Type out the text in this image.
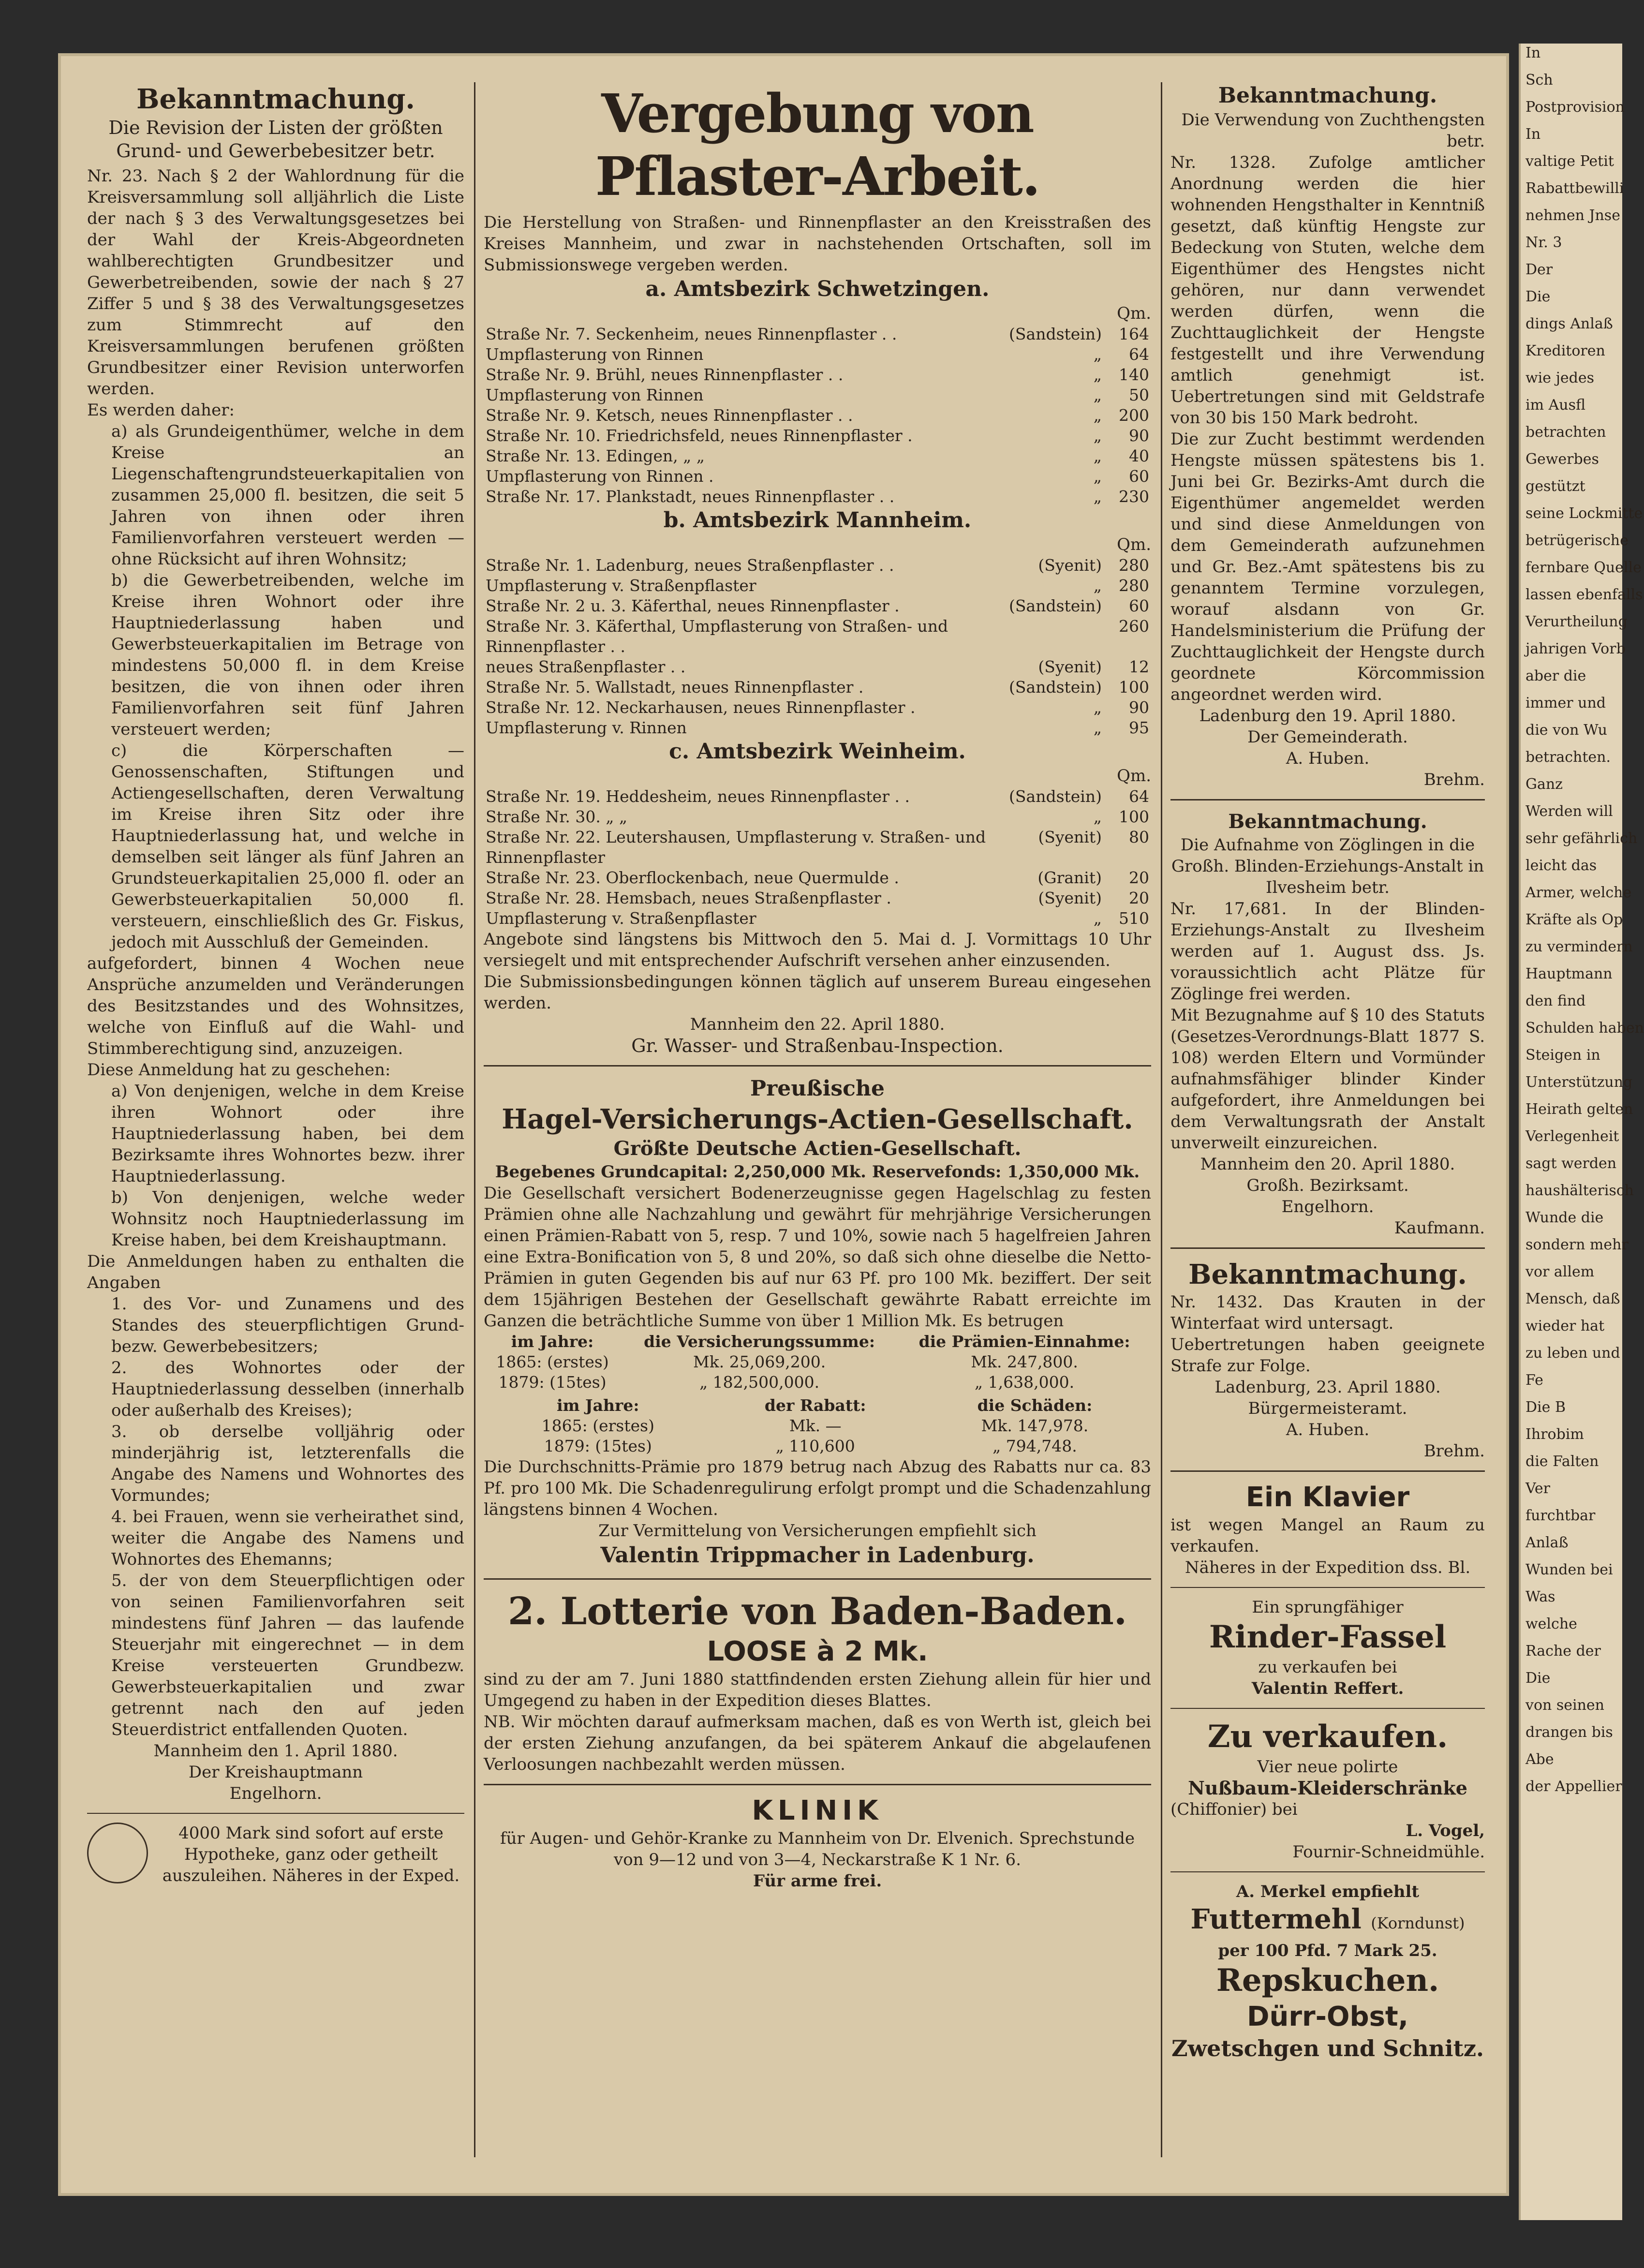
Bekanntmachung.

Die Revision der Listen der größten Grund- und Gewerbebesitzer betr.

Nr. 23. Nach § 2 der Wahlordnung für die Kreisversammlung soll alljährlich die Liste der nach § 3 des Verwaltungsgesetzes bei der Wahl der Kreis-Abgeordneten wahlberechtigten Grundbesitzer und Gewerbetreibenden, sowie der nach § 27 Ziffer 5 und § 38 des Verwaltungsgesetzes zum Stimmrecht auf den Kreisversammlungen berufenen größten Grundbesitzer einer Revision unterworfen werden.

Es werden daher:

a) als Grundeigenthümer, welche in dem Kreise an Liegenschaftengrundsteuerkapitalien von zusammen 25,000 fl. besitzen, die seit 5 Jahren von ihnen oder ihren Familienvorfahren versteuert werden — ohne Rücksicht auf ihren Wohnsitz;

b) die Gewerbetreibenden, welche im Kreise ihren Wohnort oder ihre Hauptniederlassung haben und Gewerbsteuerkapitalien im Betrage von mindestens 50,000 fl. in dem Kreise besitzen, die von ihnen oder ihren Familienvorfahren seit fünf Jahren versteuert werden;

c) die Körperschaften — Genossenschaften, Stiftungen und Actiengesellschaften, deren Verwaltung im Kreise ihren Sitz oder ihre Hauptniederlassung hat, und welche in demselben seit länger als fünf Jahren an Grundsteuerkapitalien 25,000 fl. oder an Gewerbsteuerkapitalien 50,000 fl. versteuern, einschließlich des Gr. Fiskus, jedoch mit Ausschluß der Gemeinden.

aufgefordert, binnen 4 Wochen neue Ansprüche anzumelden und Veränderungen des Besitzstandes und des Wohnsitzes, welche von Einfluß auf die Wahl- und Stimmberechtigung sind, anzuzeigen.

Diese Anmeldung hat zu geschehen:

a) Von denjenigen, welche in dem Kreise ihren Wohnort oder ihre Hauptniederlassung haben, bei dem Bezirksamte ihres Wohnortes bezw. ihrer Hauptniederlassung.

b) Von denjenigen, welche weder Wohnsitz noch Hauptniederlassung im Kreise haben, bei dem Kreishauptmann.

Die Anmeldungen haben zu enthalten die Angaben

1. des Vor- und Zunamens und des Standes des steuerpflichtigen Grund- bezw. Gewerbebesitzers;

2. des Wohnortes oder der Hauptniederlassung desselben (innerhalb oder außerhalb des Kreises);

3. ob derselbe volljährig oder minderjährig ist, letzterenfalls die Angabe des Namens und Wohnortes des Vormundes;

4. bei Frauen, wenn sie verheirathet sind, weiter die Angabe des Namens und Wohnortes des Ehemanns;

5. der von dem Steuerpflichtigen oder von seinen Familienvorfahren seit mindestens fünf Jahren — das laufende Steuerjahr mit eingerechnet — in dem Kreise versteuerten Grundbezw. Gewerbsteuerkapitalien und zwar getrennt nach den auf jeden Steuerdistrict entfallenden Quoten.

Mannheim den 1. April 1880.

Der Kreishauptmann

Engelhorn.

4000 Mark sind sofort auf erste Hypotheke, ganz oder getheilt auszuleihen. Näheres in der Exped.

Vergebung von Pflaster-Arbeit.

Die Herstellung von Straßen- und Rinnenpflaster an den Kreisstraßen des Kreises Mannheim, und zwar in nachstehenden Ortschaften, soll im Submissionswege vergeben werden.

a. Amtsbezirk Schwetzingen.

Qm.

Straße Nr. 7. Seckenheim, neues Rinnenpflaster . .	(Sandstein)	164
Umpflasterung von Rinnen	„	64
Straße Nr. 9. Brühl, neues Rinnenpflaster . .	„	140
Umpflasterung von Rinnen	„	50
Straße Nr. 9. Ketsch, neues Rinnenpflaster . .	„	200
Straße Nr. 10. Friedrichsfeld, neues Rinnenpflaster .	„	90
Straße Nr. 13. Edingen, „ „	„	40
Umpflasterung von Rinnen .	„	60
Straße Nr. 17. Plankstadt, neues Rinnenpflaster . .	„	230
b. Amtsbezirk Mannheim.

Qm.

Straße Nr. 1. Ladenburg, neues Straßenpflaster . .	(Syenit)	280
Umpflasterung v. Straßenpflaster	„	280
Straße Nr. 2 u. 3. Käferthal, neues Rinnenpflaster .	(Sandstein)	60
Straße Nr. 3. Käferthal, Umpflasterung von Straßen- und Rinnenpflaster . .		260
neues Straßenpflaster . .	(Syenit)	12
Straße Nr. 5. Wallstadt, neues Rinnenpflaster .	(Sandstein)	100
Straße Nr. 12. Neckarhausen, neues Rinnenpflaster .	„	90
Umpflasterung v. Rinnen	„	95
c. Amtsbezirk Weinheim.

Qm.

Straße Nr. 19. Heddesheim, neues Rinnenpflaster . .	(Sandstein)	64
Straße Nr. 30. „ „	„	100
Straße Nr. 22. Leutershausen, Umpflasterung v. Straßen- und Rinnenpflaster	(Syenit)	80
Straße Nr. 23. Oberflockenbach, neue Quermulde .	(Granit)	20
Straße Nr. 28. Hemsbach, neues Straßenpflaster .	(Syenit)	20
Umpflasterung v. Straßenpflaster	„	510

Angebote sind längstens bis Mittwoch den 5. Mai d. J. Vormittags 10 Uhr versiegelt und mit entsprechender Aufschrift versehen anher einzusenden.

Die Submissionsbedingungen können täglich auf unserem Bureau eingesehen werden.

Mannheim den 22. April 1880.

Gr. Wasser- und Straßenbau-Inspection.

Preußische
Hagel-Versicherungs-Actien-Gesellschaft.
Größte Deutsche Actien-Gesellschaft.

Begebenes Grundcapital: 2,250,000 Mk. Reservefonds: 1,350,000 Mk.

Die Gesellschaft versichert Bodenerzeugnisse gegen Hagelschlag zu festen Prämien ohne alle Nachzahlung und gewährt für mehrjährige Versicherungen einen Prämien-Rabatt von 5, resp. 7 und 10%, sowie nach 5 hagelfreien Jahren eine Extra-Bonification von 5, 8 und 20%, so daß sich ohne dieselbe die Netto-Prämien in guten Gegenden bis auf nur 63 Pf. pro 100 Mk. beziffert. Der seit dem 15jährigen Bestehen der Gesellschaft gewährte Rabatt erreichte im Ganzen die beträchtliche Summe von über 1 Million Mk. Es betrugen

im Jahre:	die Versicherungssumme:	die Prämien-Einnahme:
1865: (erstes)	Mk. 25,069,200.	Mk. 247,800.
1879: (15tes)	„ 182,500,000.	„ 1,638,000.
im Jahre:	der Rabatt:	die Schäden:
1865: (erstes)	Mk. —	Mk. 147,978.
1879: (15tes)	„ 110,600	„ 794,748.

Die Durchschnitts-Prämie pro 1879 betrug nach Abzug des Rabatts nur ca. 83 Pf. pro 100 Mk. Die Schadenregulirung erfolgt prompt und die Schadenzahlung längstens binnen 4 Wochen.

Zur Vermittelung von Versicherungen empfiehlt sich

Valentin Trippmacher in Ladenburg.
2. Lotterie von Baden-Baden.
LOOSE à 2 Mk.

sind zu der am 7. Juni 1880 stattfindenden ersten Ziehung allein für hier und Umgegend zu haben in der Expedition dieses Blattes.

NB. Wir möchten darauf aufmerksam machen, daß es von Werth ist, gleich bei der ersten Ziehung anzufangen, da bei späterem Ankauf die abgelaufenen Verloosungen nachbezahlt werden müssen.

KLINIK

für Augen- und Gehör-Kranke zu Mannheim von Dr. Elvenich. Sprechstunde von 9—12 und von 3—4, Neckarstraße K 1 Nr. 6.

Für arme frei.

Bekanntmachung.

Die Verwendung von Zuchthengsten betr.

Nr. 1328. Zufolge amtlicher Anordnung werden die hier wohnenden Hengsthalter in Kenntniß gesetzt, daß künftig Hengste zur Bedeckung von Stuten, welche dem Eigenthümer des Hengstes nicht gehören, nur dann verwendet werden dürfen, wenn die Zuchttauglichkeit der Hengste festgestellt und ihre Verwendung amtlich genehmigt ist. Uebertretungen sind mit Geldstrafe von 30 bis 150 Mark bedroht.

Die zur Zucht bestimmt werdenden Hengste müssen spätestens bis 1. Juni bei Gr. Bezirks-Amt durch die Eigenthümer angemeldet werden und sind diese Anmeldungen von dem Gemeinderath aufzunehmen und Gr. Bez.-Amt spätestens bis zu genanntem Termine vorzulegen, worauf alsdann von Gr. Handelsministerium die Prüfung der Zuchttauglichkeit der Hengste durch geordnete Körcommission angeordnet werden wird.

Ladenburg den 19. April 1880.

Der Gemeinderath.

A. Huben.

Brehm.

Bekanntmachung.

Die Aufnahme von Zöglingen in die Großh. Blinden-Erziehungs-Anstalt in Ilvesheim betr.

Nr. 17,681. In der Blinden-Erziehungs-Anstalt zu Ilvesheim werden auf 1. August dss. Js. voraussichtlich acht Plätze für Zöglinge frei werden.

Mit Bezugnahme auf § 10 des Statuts (Gesetzes-Verordnungs-Blatt 1877 S. 108) werden Eltern und Vormünder aufnahmsfähiger blinder Kinder aufgefordert, ihre Anmeldungen bei dem Verwaltungsrath der Anstalt unverweilt einzureichen.

Mannheim den 20. April 1880.

Großh. Bezirksamt.

Engelhorn.

Kaufmann.

Bekanntmachung.

Nr. 1432. Das Krauten in der Winterfaat wird untersagt.

Uebertretungen haben geeignete Strafe zur Folge.

Ladenburg, 23. April 1880.

Bürgermeisteramt.

A. Huben.

Brehm.

Ein Klavier

ist wegen Mangel an Raum zu verkaufen.

Näheres in der Expedition dss. Bl.

Ein sprungfähiger

Rinder-Fassel

zu verkaufen bei

Valentin Reffert.

Zu verkaufen.

Vier neue polirte

Nußbaum-Kleiderschränke

(Chiffonier) bei

L. Vogel,

Fournir-Schneidmühle.

A. Merkel empfiehlt

Futtermehl (Korndunst)

per 100 Pfd. 7 Mark 25.

Repskuchen.
Dürr-Obst,
Zwetschgen und Schnitz.

In

Sch

Postprovision

In

valtige Petit

Rabattbewilli

nehmen Jnse

Nr. 3

Der

Die

dings Anlaß

Kreditoren

wie jedes

im Ausfl

betrachten

Gewerbes

gestützt

seine Lockmitte

betrügerische

fernbare Quelle

lassen ebenfalls

Verurtheilung

jahrigen Vorb

aber die

immer und

die von Wu

betrachten.

Ganz

Werden will

sehr gefährlich

leicht das

Armer, welche

Kräfte als Op

zu vermindern

Hauptmann

den find

Schulden haben

Steigen in

Unterstützung

Heirath gelten

Verlegenheit

sagt werden

haushälterisch

Wunde die

sondern mehr

vor allem

Mensch, daß

wieder hat

zu leben und

Fe

Die B

Ihrobim

die Falten

Ver

furchtbar

Anlaß

Wunden bei

Was

welche

Rache der

Die

von seinen

drangen bis

Abe

der Appellier
